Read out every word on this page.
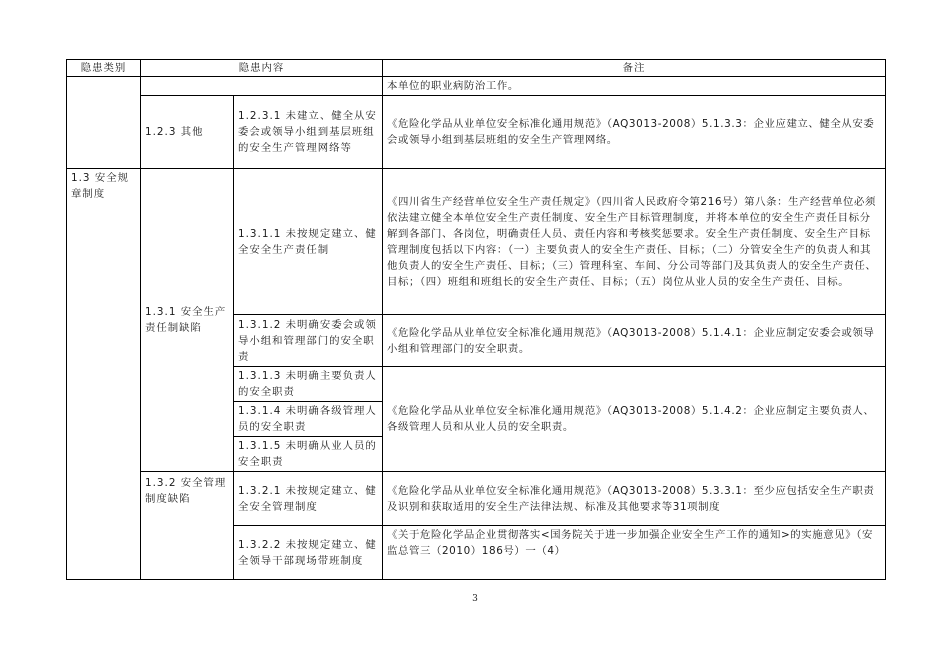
隐患类别	隐患内容		备注
			本单位的职业病防治工作。
	1.2.3 其他	1.2.3.1 未建立、健全从安委会或领导小组到基层班组的安全生产管理网络等	《危险化学品从业单位安全标准化通用规范》（AQ3013-2008）5.1.3.3：企业应建立、健全从安委会或领导小组到基层班组的安全生产管理网络。
1.3 安全规章制度	1.3.1 安全生产责任制缺陷	1.3.1.1 未按规定建立、健全安全生产责任制	《四川省生产经营单位安全生产责任规定》（四川省人民政府令第216号）第八条：生产经营单位必须依法建立健全本单位安全生产责任制度、安全生产目标管理制度，并将本单位的安全生产责任目标分解到各部门、各岗位，明确责任人员、责任内容和考核奖惩要求。安全生产责任制度、安全生产目标管理制度包括以下内容：（一）主要负责人的安全生产责任、目标；（二）分管安全生产的负责人和其他负责人的安全生产责任、目标；（三）管理科室、车间、分公司等部门及其负责人的安全生产责任、目标；（四）班组和班组长的安全生产责任、目标；（五）岗位从业人员的安全生产责任、目标。
		1.3.1.2 未明确安委会或领导小组和管理部门的安全职责	《危险化学品从业单位安全标准化通用规范》（AQ3013-2008）5.1.4.1：企业应制定安委会或领导小组和管理部门的安全职责。
		1.3.1.3 未明确主要负责人的安全职责	《危险化学品从业单位安全标准化通用规范》（AQ3013-2008）5.1.4.2：企业应制定主要负责人、各级管理人员和从业人员的安全职责。
		1.3.1.4 未明确各级管理人员的安全职责	
		1.3.1.5 未明确从业人员的安全职责	
	1.3.2 安全管理制度缺陷	1.3.2.1 未按规定建立、健全安全管理制度	《危险化学品从业单位安全标准化通用规范》（AQ3013-2008）5.3.3.1：至少应包括安全生产职责及识别和获取适用的安全生产法律法规、标准及其他要求等31项制度
		1.3.2.2 未按规定建立、健全领导干部现场带班制度	《关于危险化学品企业贯彻落实<国务院关于进一步加强企业安全生产工作的通知>的实施意见》（安监总管三（2010）186号）一（4）
3
